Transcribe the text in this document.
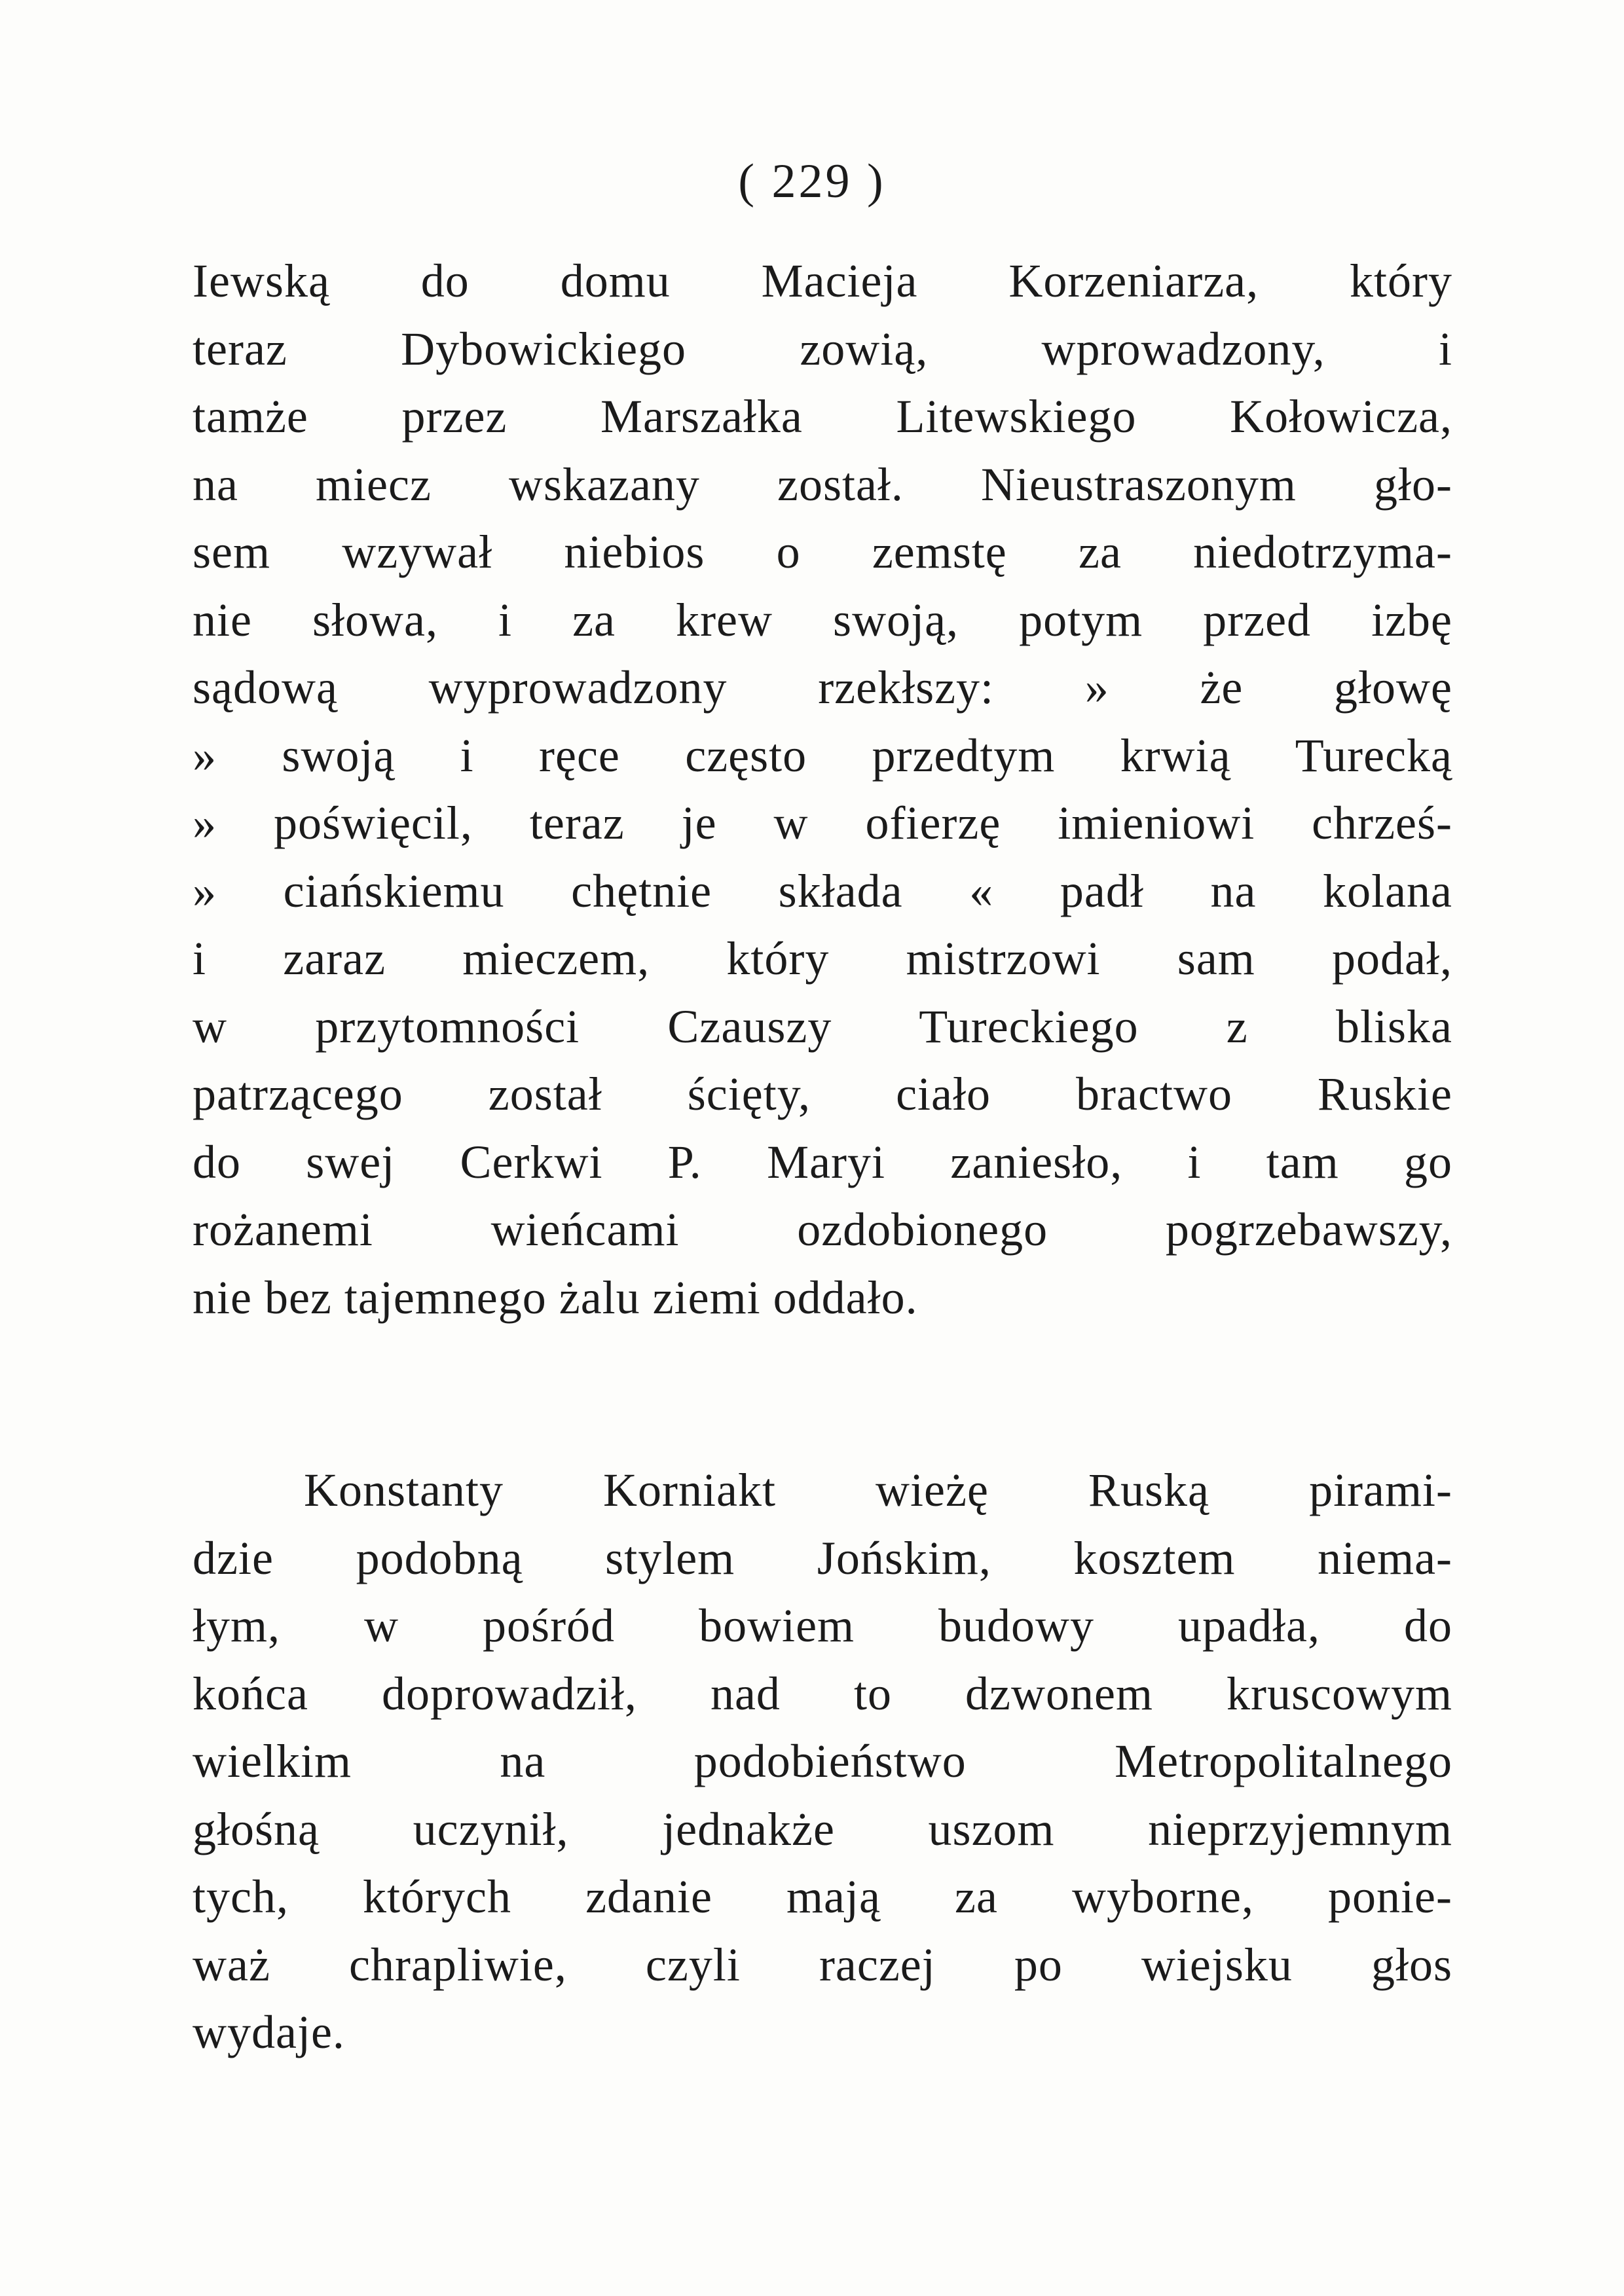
( 229 )
Iewską do domu Macieja Korzeniarza, który
teraz Dybowickiego zowią, wprowadzony, i
tamże przez Marszałka Litewskiego Kołowicza,
na miecz wskazany został. Nieustraszonym gło-
sem wzywał niebios o zemstę za niedotrzyma-
nie słowa, i za krew swoją, potym przed izbę
sądową wyprowadzony rzekłszy: » że głowę
» swoją i ręce często przedtym krwią Turecką
» poświęcil, teraz je w ofierzę imieniowi chrześ-
» ciańskiemu chętnie składa « padł na kolana
i zaraz mieczem, który mistrzowi sam podał,
w przytomności Czauszy Tureckiego z bliska
patrzącego został ścięty, ciało bractwo Ruskie
do swej Cerkwi P. Maryi zaniesło, i tam go
rożanemi wieńcami ozdobionego pogrzebawszy,
nie bez tajemnego żalu ziemi oddało.
Konstanty Korniakt wieżę Ruską pirami-
dzie podobną stylem Jońskim, kosztem niema-
łym, w pośród bowiem budowy upadła, do
końca doprowadził, nad to dzwonem kruscowym
wielkim na podobieństwo Metropolitalnego
głośną uczynił, jednakże uszom nieprzyjemnym
tych, których zdanie mają za wyborne, ponie-
waż chrapliwie, czyli raczej po wiejsku głos
wydaje.
